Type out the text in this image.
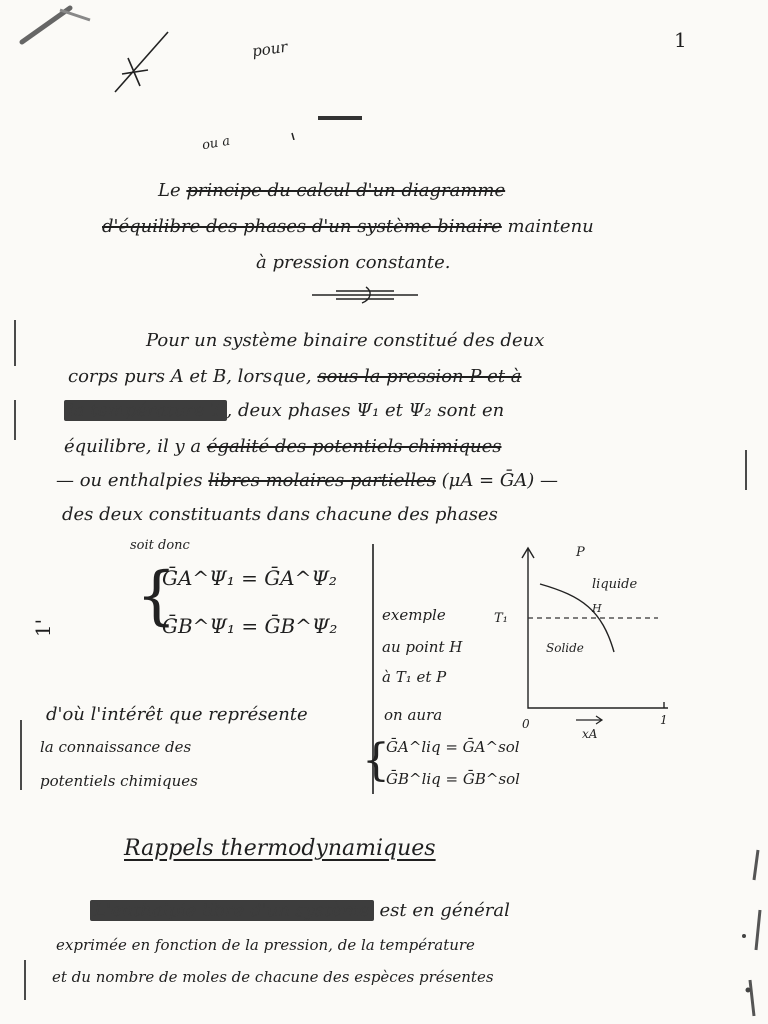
1
pour
ou a
Le principe du calcul d'un diagramme
d'équilibre des phases d'un système binaire maintenu
à pression constante.
Pour un système binaire constitué des deux
corps purs A et B, lorsque, sous la pression P et à
la température T , deux phases Ψ₁ et Ψ₂ sont en
équilibre, il y a égalité des potentiels chimiques
— ou enthalpies libres molaires partielles (μA = ḠA) —
des deux constituants dans chacune des phases
soit donc
{
ḠA^Ψ₁ = ḠA^Ψ₂
ḠB^Ψ₁ = ḠB^Ψ₂
1'
exemple
au point H
à T₁ et P
on aura
{
ḠA^liq = ḠA^sol
ḠB^liq = ḠB^sol
P
T₁
liquide
H
Solide
0	1
xA
d'où l'intérêt que représente
la connaissance des
potentiels chimiques
Rappels thermodynamiques
L'enthalpie libre d'un système est en général
exprimée en fonction de la pression, de la température
et du nombre de moles de chacune des espèces présentes
